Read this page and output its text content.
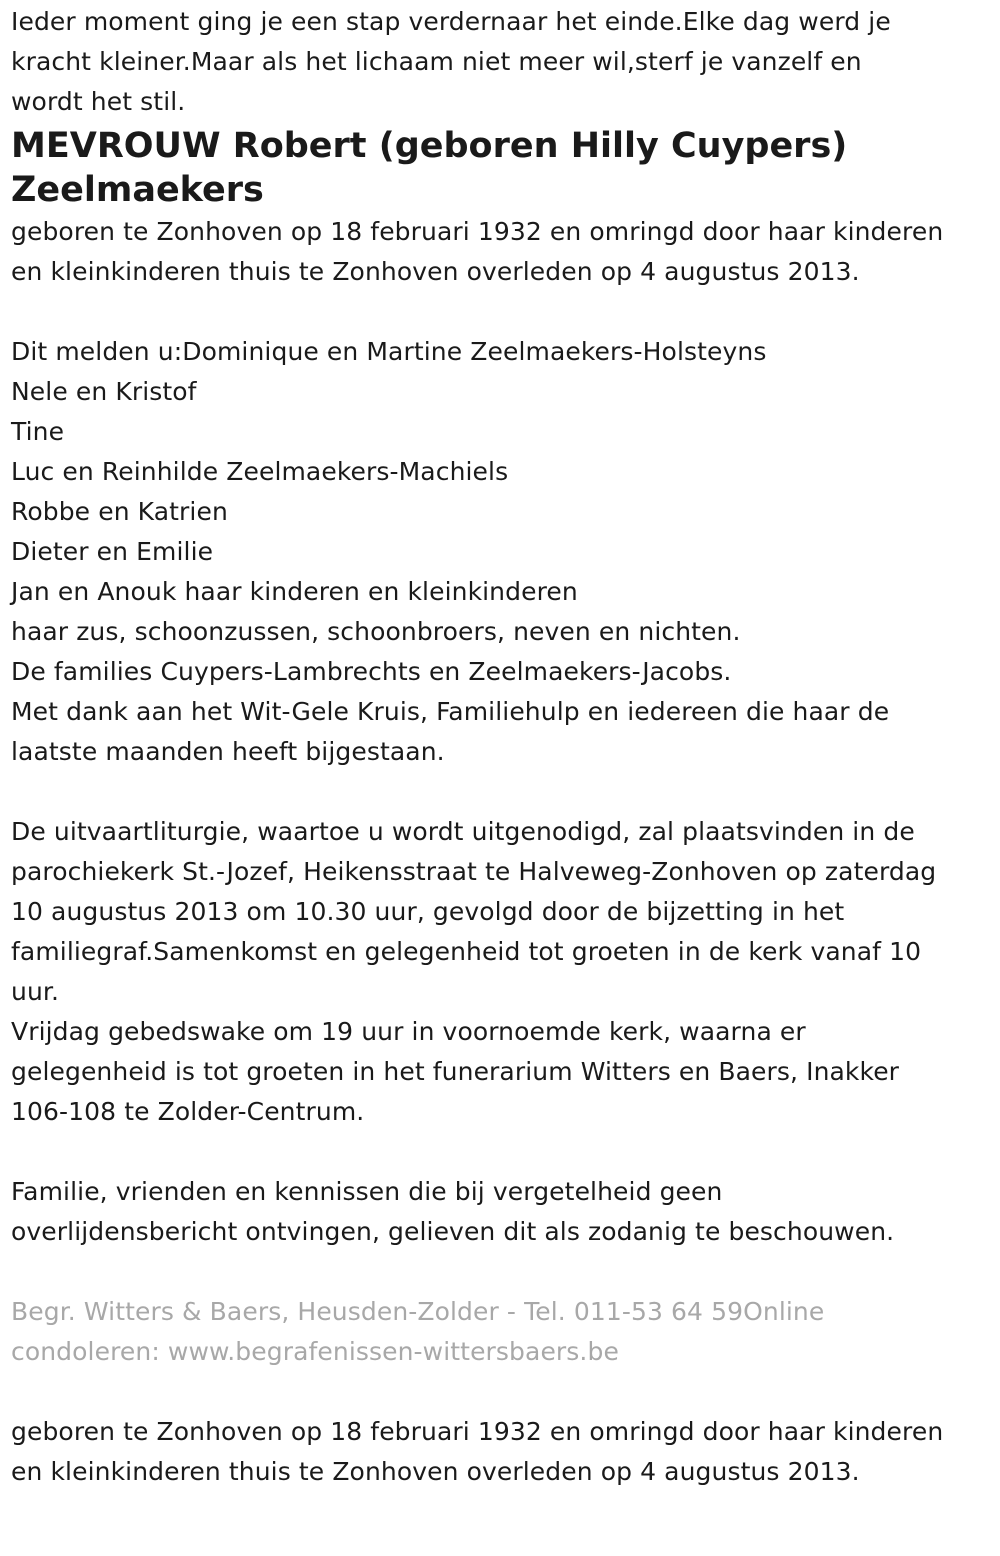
Ieder moment ging je een stap verdernaar het einde.Elke dag werd je

kracht kleiner.Maar als het lichaam niet meer wil,sterf je vanzelf en

wordt het stil.

MEVROUW Robert (geboren Hilly Cuypers)

Zeelmaekers

geboren te Zonhoven op 18 februari 1932 en omringd door haar kinderen

en kleinkinderen thuis te Zonhoven overleden op 4 augustus 2013.

Dit melden u:Dominique en Martine Zeelmaekers-Holsteyns

Nele en Kristof

Tine

Luc en Reinhilde Zeelmaekers-Machiels

Robbe en Katrien

Dieter en Emilie

Jan en Anouk haar kinderen en kleinkinderen

haar zus, schoonzussen, schoonbroers, neven en nichten.

De families Cuypers-Lambrechts en Zeelmaekers-Jacobs.

Met dank aan het Wit-Gele Kruis, Familiehulp en iedereen die haar de

laatste maanden heeft bijgestaan.

De uitvaartliturgie, waartoe u wordt uitgenodigd, zal plaatsvinden in de

parochiekerk St.-Jozef, Heikensstraat te Halveweg-Zonhoven op zaterdag

10 augustus 2013 om 10.30 uur, gevolgd door de bijzetting in het

familiegraf.Samenkomst en gelegenheid tot groeten in de kerk vanaf 10

uur.

Vrijdag gebedswake om 19 uur in voornoemde kerk, waarna er

gelegenheid is tot groeten in het funerarium Witters en Baers, Inakker

106-108 te Zolder-Centrum.

Familie, vrienden en kennissen die bij vergetelheid geen

overlijdensbericht ontvingen, gelieven dit als zodanig te beschouwen.

Begr. Witters & Baers, Heusden-Zolder - Tel. 011-53 64 59Online

condoleren: www.begrafenissen-wittersbaers.be

geboren te Zonhoven op 18 februari 1932 en omringd door haar kinderen

en kleinkinderen thuis te Zonhoven overleden op 4 augustus 2013.
